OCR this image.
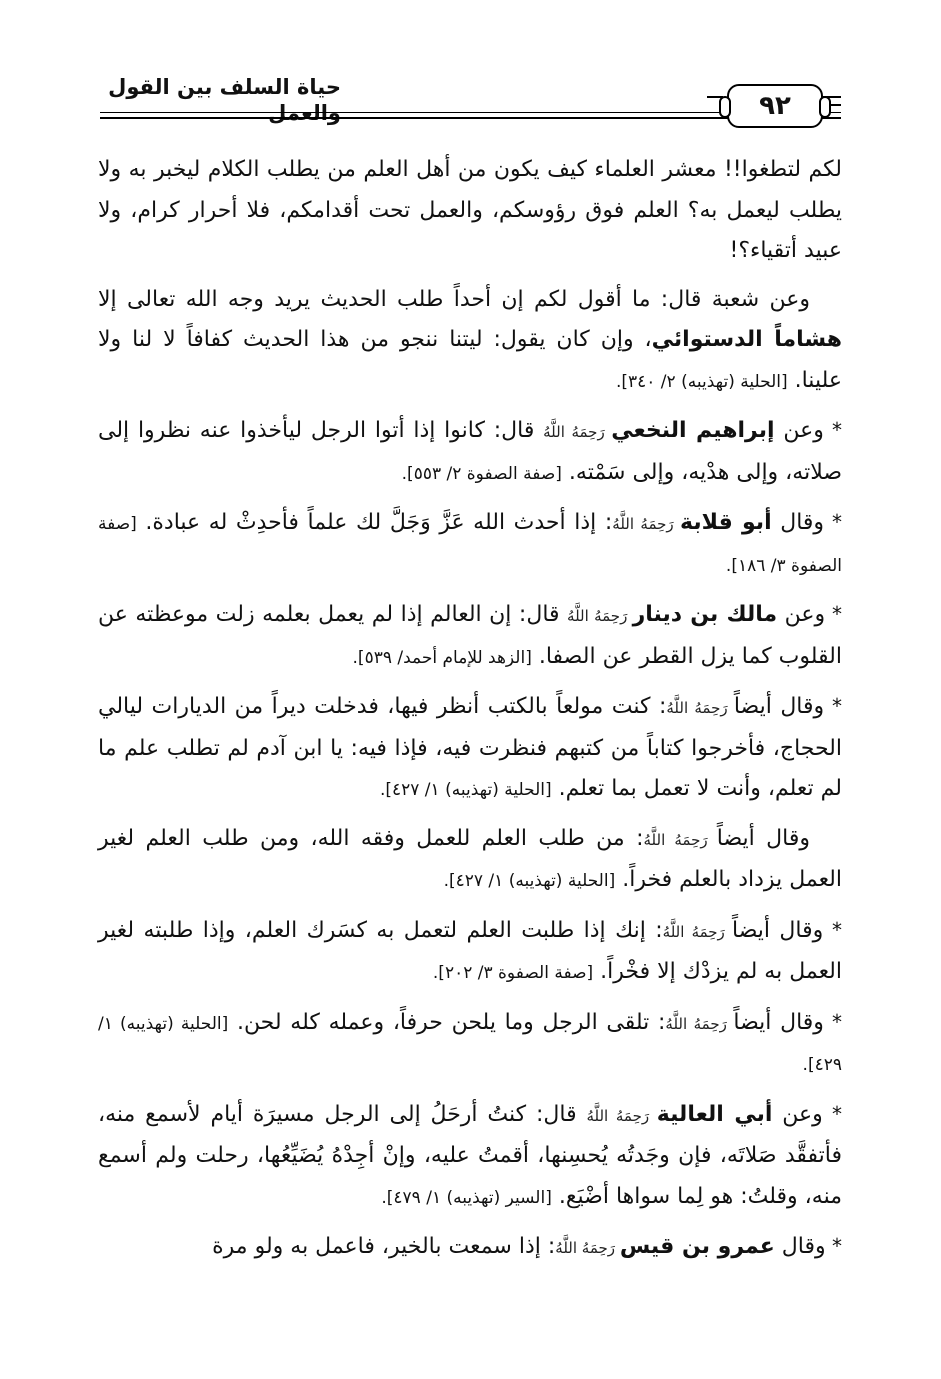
حياة السلف بين القول والعمل	٩٢

لكم لتطغوا!! معشر العلماء كيف يكون من أهل العلم من يطلب الكلام ليخبر به ولا يطلب ليعمل به؟ العلم فوق رؤوسكم، والعمل تحت أقدامكم، فلا أحرار كرام، ولا عبيد أتقياء؟!

وعن شعبة قال: ما أقول لكم إن أحداً طلب الحديث يريد وجه الله تعالى إلا هشاماً الدستوائي، وإن كان يقول: ليتنا ننجو من هذا الحديث كفافاً لا لنا ولا علينا. [الحلية (تهذيبه) ٢/ ٣٤٠].

* وعن إبراهيم النخعي رَحِمَهُ اللَّهُ قال: كانوا إذا أتوا الرجل ليأخذوا عنه نظروا إلى صلاته، وإلى هدْيه، وإلى سَمْته. [صفة الصفوة ٢/ ٥٥٣].

* وقال أبو قلابة رَحِمَهُ اللَّهُ: إذا أحدث الله عَزَّ وَجَلَّ لك علماً فأحدِثْ له عبادة. [صفة الصفوة ٣/ ١٨٦].

* وعن مالك بن دينار رَحِمَهُ اللَّهُ قال: إن العالم إذا لم يعمل بعلمه زلت موعظته عن القلوب كما يزل القطر عن الصفا. [الزهد للإمام أحمد/ ٥٣٩].

* وقال أيضاً رَحِمَهُ اللَّهُ: كنت مولعاً بالكتب أنظر فيها، فدخلت ديراً من الديارات ليالي الحجاج، فأخرجوا كتاباً من كتبهم فنظرت فيه، فإذا فيه: يا ابن آدم لم تطلب علم ما لم تعلم، وأنت لا تعمل بما تعلم. [الحلية (تهذيبه) ١/ ٤٢٧].

وقال أيضاً رَحِمَهُ اللَّهُ: من طلب العلم للعمل وفقه الله، ومن طلب العلم لغير العمل يزداد بالعلم فخراً. [الحلية (تهذيبه) ١/ ٤٢٧].

* وقال أيضاً رَحِمَهُ اللَّهُ: إنك إذا طلبت العلم لتعمل به كسَرك العلم، وإذا طلبته لغير العمل به لم يزدْك إلا فخْراً. [صفة الصفوة ٣/ ٢٠٢].

* وقال أيضاً رَحِمَهُ اللَّهُ: تلقى الرجل وما يلحن حرفاً، وعمله كله لحن. [الحلية (تهذيبه) ١/ ٤٢٩].

* وعن أبي العالية رَحِمَهُ اللَّهُ قال: كنتُ أرحَلُ إلى الرجل مسيرَة أيام لأسمع منه، فأتفقَّد صَلاتَه، فإن وجَدتُه يُحسِنها، أقمتُ عليه، وإنْ أجِدْهُ يُضَيِّعُها، رحلت ولم أسمع منه، وقلتُ: هو لِما سواها أضْيَع. [السير (تهذيبه) ١/ ٤٧٩].

* وقال عمرو بن قيس رَحِمَهُ اللَّهُ: إذا سمعت بالخير، فاعمل به ولو مرة
